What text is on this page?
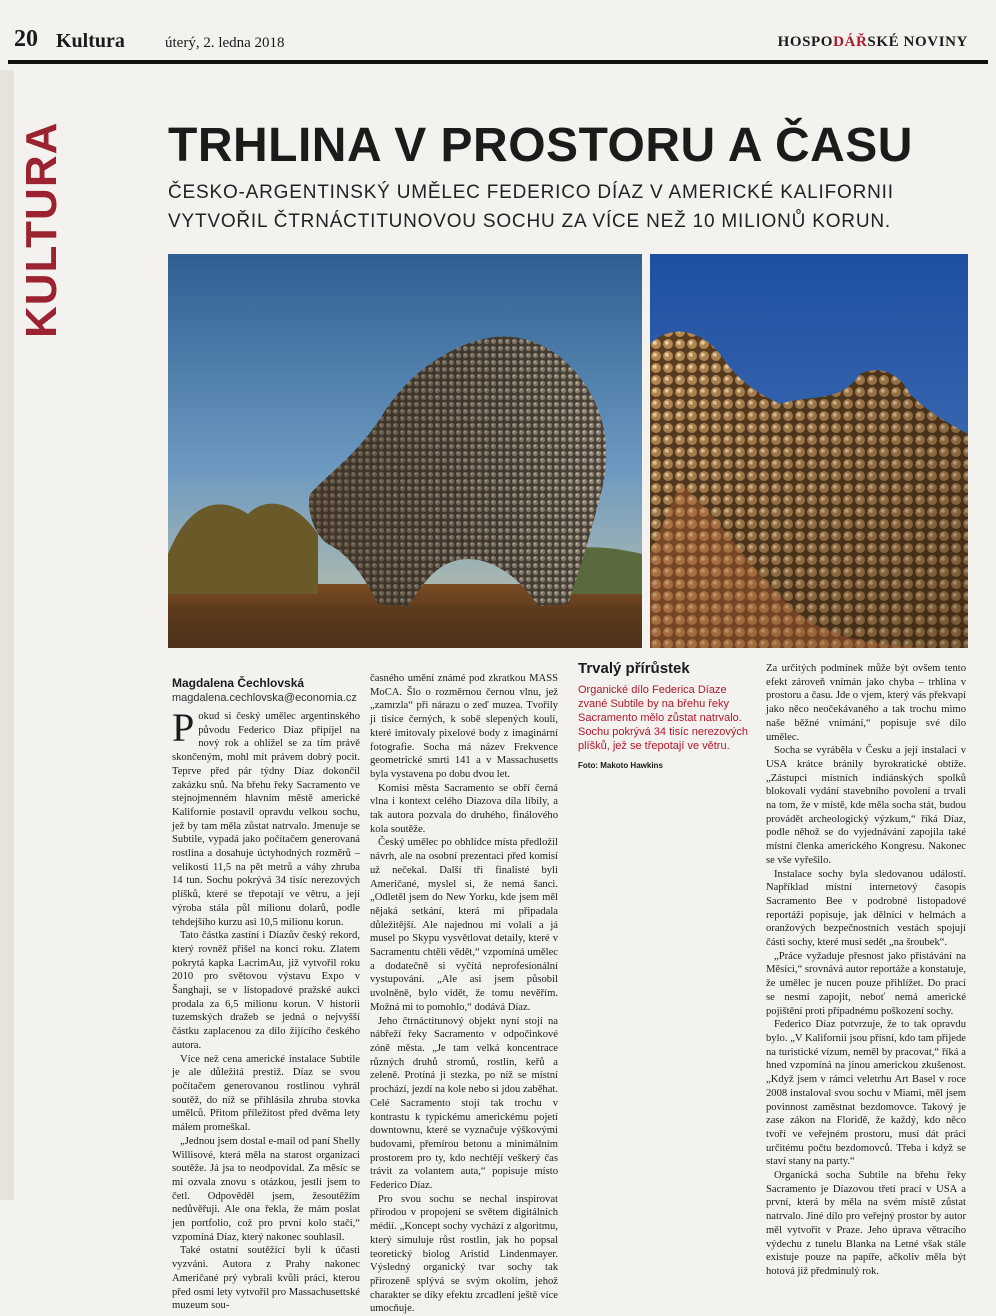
20 Kultura	úterý, 2. ledna 2018	HOSPODÁŘSKÉ NOVINY
KULTURA TRHLINA V PROSTORU A ČASU
ČESKO-ARGENTINSKÝ UMĚLEC FEDERICO DÍAZ V AMERICKÉ KALIFORNII VYTVOŘIL ČTRNÁCTITUNOVOU SOCHU ZA VÍCE NEŽ 10 MILIONŮ KORUN.
Magdalena Čechlovská
magdalena.cechlovska@economia.cz

Pokud si český umělec argentinského původu Federico Díaz připíjel na nový rok a ohlížel se za tím právě skončeným, mohl mít právem dobrý pocit. Teprve před pár týdny Díaz dokončil zakázku snů. Na břehu řeky Sacramento ve stejnojmenném hlavním městě americké Kalifornie postavil opravdu velkou sochu, jež by tam měla zůstat natrvalo. Jmenuje se Subtile, vypadá jako počítačem generovaná rostlina a dosahuje úctyhodných rozměrů – velikosti 11,5 na pět metrů a váhy zhruba 14 tun. Sochu pokrývá 34 tisíc nerezových plíšků, které se třepotají ve větru, a její výroba stála půl milionu dolarů, podle tehdejšího kurzu asi 10,5 milionu korun.

Tato částka zastíní i Díazův český rekord, který rovněž přišel na konci roku. Zlatem pokrytá kapka LacrimAu, již vytvořil roku 2010 pro světovou výstavu Expo v Šanghaji, se v listopadové pražské aukci prodala za 6,5 milionu korun. V historii tuzemských dražeb se jedná o nejvyšší částku zaplacenou za dílo žijícího českého autora.

Více než cena americké instalace Subtile je ale důležitá prestiž. Díaz se svou počítačem generovanou rostlinou vyhrál soutěž, do níž se přihlásila zhruba stovka umělců. Přitom příležitost před dvěma lety málem promeškal.

„Jednou jsem dostal e-mail od paní Shelly Willisové, která měla na starost organizaci soutěže. Já jsa to neodpovídal. Za měsíc se mi ozvala znovu s otázkou, jestli jsem to četl. Odpověděl jsem, žesoutěžím nedůvěřuji. Ale ona řekla, že mám poslat jen portfolio, což pro první kolo stačí,“ vzpomíná Díaz, který nakonec souhlasil.

Také ostatní soutěžící byli k účasti vyzváni. Autora z Prahy nakonec Američané prý vybrali kvůli práci, kterou před osmi lety vytvořil pro Massachusettské muzeum sou-

časného umění známé pod zkratkou MASS MoCA. Šlo o rozměrnou černou vlnu, jež „zamrzla“ při nárazu o zeď muzea. Tvořily ji tisíce černých, k sobě slepených koulí, které imitovaly pixelové body z imaginární fotografie. Socha má název Frekvence geometrické smrti 141 a v Massachusetts byla vystavena po dobu dvou let.

Komisi města Sacramento se obří černá vlna i kontext celého Díazova díla líbily, a tak autora pozvala do druhého, finálového kola soutěže.

Český umělec po obhlídce místa předložil návrh, ale na osobní prezentaci před komisí už nečekal. Další tři finalisté byli Američané, myslel si, že nemá šanci. „Odletěl jsem do New Yorku, kde jsem měl nějaká setkání, která mi připadala důležitější. Ale najednou mi volali a já musel po Skypu vysvětlovat detaily, které v Sacramentu chtěli vědět,“ vzpomíná umělec a dodatečně si vyčítá neprofesionální vystupování. „Ale asi jsem působil uvolněně, bylo vidět, že tomu nevěřím. Možná mi to pomohlo,“ dodává Díaz.

Jeho čtrnáctitunový objekt nyní stojí na nábřeží řeky Sacramento v odpočinkové zóně města. „Je tam velká koncentrace různých druhů stromů, rostlin, keřů a zeleně. Protíná ji stezka, po níž se místní prochází, jezdí na kole nebo si jdou zaběhat. Celé Sacramento stojí tak trochu v kontrastu k typickému americkému pojetí downtownu, které se vyznačuje výškovými budovami, přemírou betonu a minimálním prostorem pro ty, kdo nechtějí veškerý čas trávit za volantem auta,“ popisuje místo Federico Díaz.

Pro svou sochu se nechal inspirovat přírodou v propojení se světem digitálních médií. „Koncept sochy vychází z algoritmu, který simuluje růst rostlin, jak ho popsal teoretický biolog Aristid Lindenmayer. Výsledný organický tvar sochy tak přirozeně splývá se svým okolím, jehož charakter se díky efektu zrcadlení ještě více umocňuje.

Trvalý přírůstek
Organické dílo Federica Díaze zvané Subtile by na břehu řeky Sacramento mělo zůstat natrvalo. Sochu pokrývá 34 tisíc nerezových plíšků, jež se třepotají ve větru.
Foto: Makoto Hawkins

Za určitých podmínek může být ovšem tento efekt zároveň vnímán jako chyba – trhlina v prostoru a času. Jde o vjem, který vás překvapí jako něco neočekávaného a tak trochu mimo naše běžné vnímání,“ popisuje své dílo umělec.

Socha se vyráběla v Česku a její instalaci v USA krátce bránily byrokratické obtíže. „Zástupci místních indiánských spolků blokovali vydání stavebního povolení a trvali na tom, že v místě, kde měla socha stát, budou provádět archeologický výzkum,“ říká Díaz, podle něhož se do vyjednávání zapojila také místní členka amerického Kongresu. Nakonec se vše vyřešilo.

Instalace sochy byla sledovanou událostí. Například místní internetový časopis Sacramento Bee v podrobné listopadové reportáži popisuje, jak dělníci v helmách a oranžových bezpečnostních vestách spojují části sochy, které musí sedět „na šroubek“.

„Práce vyžaduje přesnost jako přistávání na Měsíci,“ srovnává autor reportáže a konstatuje, že umělec je nucen pouze přihlížet. Do prací se nesmí zapojit, neboť nemá americké pojištění proti případnému poškození sochy.

Federico Díaz potvrzuje, že to tak opravdu bylo. „V Kalifornii jsou přísní, kdo tam přijede na turistické vízum, neměl by pracovat,“ říká a hned vzpomíná na jinou americkou zkušenost. „Když jsem v rámci veletrhu Art Basel v roce 2008 instaloval svou sochu v Miami, měl jsem povinnost zaměstnat bezdomovce. Takový je zase zákon na Floridě, že každý, kdo něco tvoří ve veřejném prostoru, musí dát práci určitému počtu bezdomovců. Třeba i když se staví stany na party.“

Organická socha Subtile na břehu řeky Sacramento je Díazovou třetí prací v USA a první, která by měla na svém místě zůstat natrvalo. Jiné dílo pro veřejný prostor by autor měl vytvořit v Praze. Jeho úprava větracího výdechu z tunelu Blanka na Letné však stále existuje pouze na papíře, ačkoliv měla být hotová již předminulý rok.
